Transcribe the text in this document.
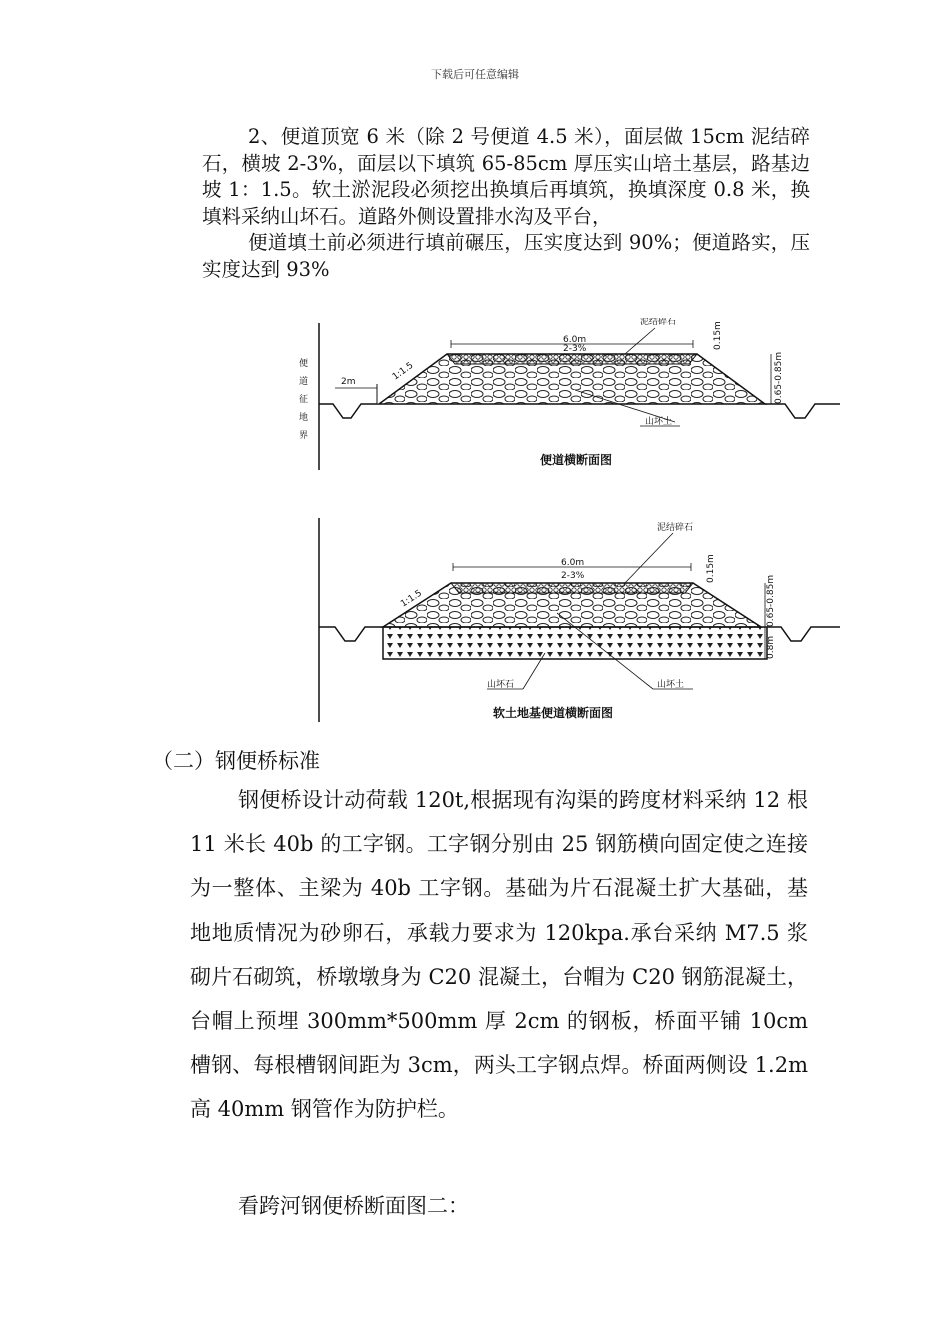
下载后可任意编辑
2、便道顶宽 6 米（除 2 号便道 4.5 米），面层做 15cm 泥结碎石，横坡 2-3%，面层以下填筑 65-85cm 厚压实山培土基层，路基边坡 1：1.5。软土淤泥段必须挖出换填后再填筑，换填深度 0.8 米，换填料采纳山坏石。道路外侧设置排水沟及平台，
便道填土前必须进行填前碾压，压实度达到 90%；便道路实，压实度达到 93%
便
道
征
地
界
2m
6.0m
2-3%
泥结碎石	0.15m
0.65-0.85m
1:1.5
山坏土
便道横断面图
6.0m
2-3%
泥结碎石
0.15m
0.65-0.85m
0.8m
1:1.5
山坏石	山坏土
软土地基便道横断面图
（二）钢便桥标准
钢便桥设计动荷载 120t,根据现有沟渠的跨度材料采纳 12 根 11 米长 40b 的工字钢。工字钢分别由 25 钢筋横向固定使之连接为一整体、主梁为 40b 工字钢。基础为片石混凝土扩大基础，基地地质情况为砂卵石，承载力要求为 120kpa.承台采纳 M7.5 浆砌片石砌筑，桥墩墩身为 C20 混凝土，台帽为 C20 钢筋混凝土，台帽上预埋 300mm*500mm 厚 2cm 的钢板，桥面平铺 10cm 槽钢、每根槽钢间距为 3cm，两头工字钢点焊。桥面两侧设 1.2m 高 40mm 钢管作为防护栏。
看跨河钢便桥断面图二：
